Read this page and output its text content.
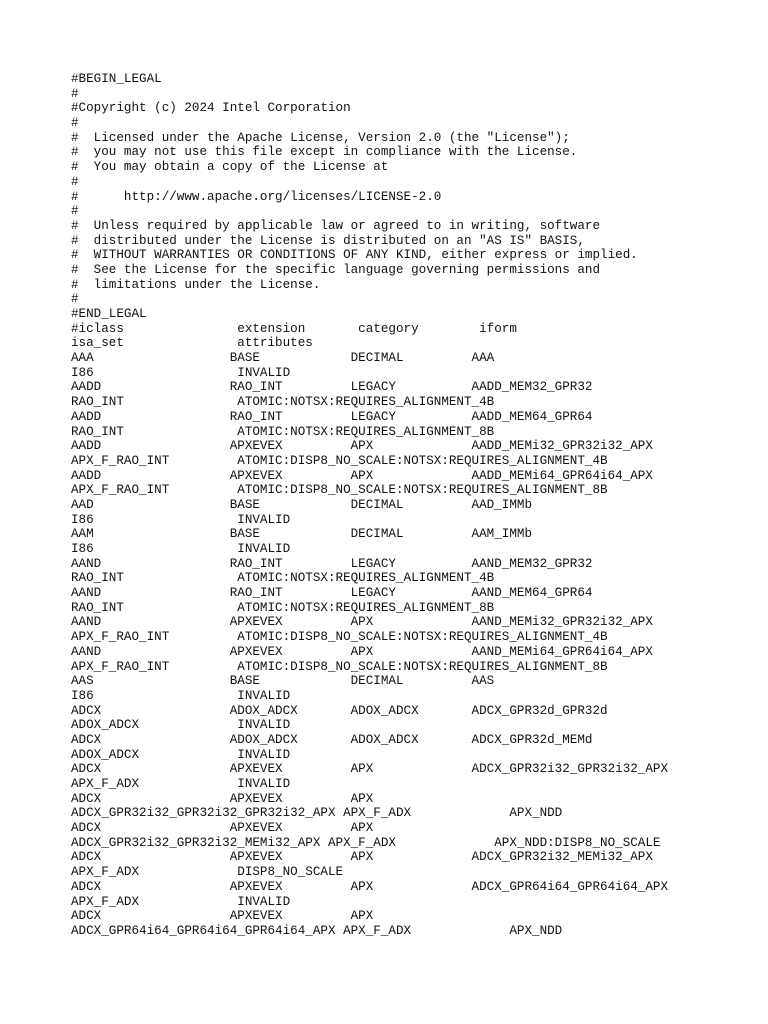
#BEGIN_LEGAL
#
#Copyright (c) 2024 Intel Corporation
#
#  Licensed under the Apache License, Version 2.0 (the "License");
#  you may not use this file except in compliance with the License.
#  You may obtain a copy of the License at
#
#      http://www.apache.org/licenses/LICENSE-2.0
#
#  Unless required by applicable law or agreed to in writing, software
#  distributed under the License is distributed on an "AS IS" BASIS,
#  WITHOUT WARRANTIES OR CONDITIONS OF ANY KIND, either express or implied.
#  See the License for the specific language governing permissions and
#  limitations under the License.
#
#END_LEGAL
#iclass               extension       category        iform
isa_set               attributes
AAA                  BASE            DECIMAL         AAA
I86                   INVALID
AADD                 RAO_INT         LEGACY          AADD_MEM32_GPR32
RAO_INT               ATOMIC:NOTSX:REQUIRES_ALIGNMENT_4B
AADD                 RAO_INT         LEGACY          AADD_MEM64_GPR64
RAO_INT               ATOMIC:NOTSX:REQUIRES_ALIGNMENT_8B
AADD                 APXEVEX         APX             AADD_MEMi32_GPR32i32_APX
APX_F_RAO_INT         ATOMIC:DISP8_NO_SCALE:NOTSX:REQUIRES_ALIGNMENT_4B
AADD                 APXEVEX         APX             AADD_MEMi64_GPR64i64_APX
APX_F_RAO_INT         ATOMIC:DISP8_NO_SCALE:NOTSX:REQUIRES_ALIGNMENT_8B
AAD                  BASE            DECIMAL         AAD_IMMb
I86                   INVALID
AAM                  BASE            DECIMAL         AAM_IMMb
I86                   INVALID
AAND                 RAO_INT         LEGACY          AAND_MEM32_GPR32
RAO_INT               ATOMIC:NOTSX:REQUIRES_ALIGNMENT_4B
AAND                 RAO_INT         LEGACY          AAND_MEM64_GPR64
RAO_INT               ATOMIC:NOTSX:REQUIRES_ALIGNMENT_8B
AAND                 APXEVEX         APX             AAND_MEMi32_GPR32i32_APX
APX_F_RAO_INT         ATOMIC:DISP8_NO_SCALE:NOTSX:REQUIRES_ALIGNMENT_4B
AAND                 APXEVEX         APX             AAND_MEMi64_GPR64i64_APX
APX_F_RAO_INT         ATOMIC:DISP8_NO_SCALE:NOTSX:REQUIRES_ALIGNMENT_8B
AAS                  BASE            DECIMAL         AAS
I86                   INVALID
ADCX                 ADOX_ADCX       ADOX_ADCX       ADCX_GPR32d_GPR32d
ADOX_ADCX             INVALID
ADCX                 ADOX_ADCX       ADOX_ADCX       ADCX_GPR32d_MEMd
ADOX_ADCX             INVALID
ADCX                 APXEVEX         APX             ADCX_GPR32i32_GPR32i32_APX
APX_F_ADX             INVALID
ADCX                 APXEVEX         APX
ADCX_GPR32i32_GPR32i32_GPR32i32_APX APX_F_ADX             APX_NDD
ADCX                 APXEVEX         APX
ADCX_GPR32i32_GPR32i32_MEMi32_APX APX_F_ADX             APX_NDD:DISP8_NO_SCALE
ADCX                 APXEVEX         APX             ADCX_GPR32i32_MEMi32_APX
APX_F_ADX             DISP8_NO_SCALE
ADCX                 APXEVEX         APX             ADCX_GPR64i64_GPR64i64_APX
APX_F_ADX             INVALID
ADCX                 APXEVEX         APX
ADCX_GPR64i64_GPR64i64_GPR64i64_APX APX_F_ADX             APX_NDD
